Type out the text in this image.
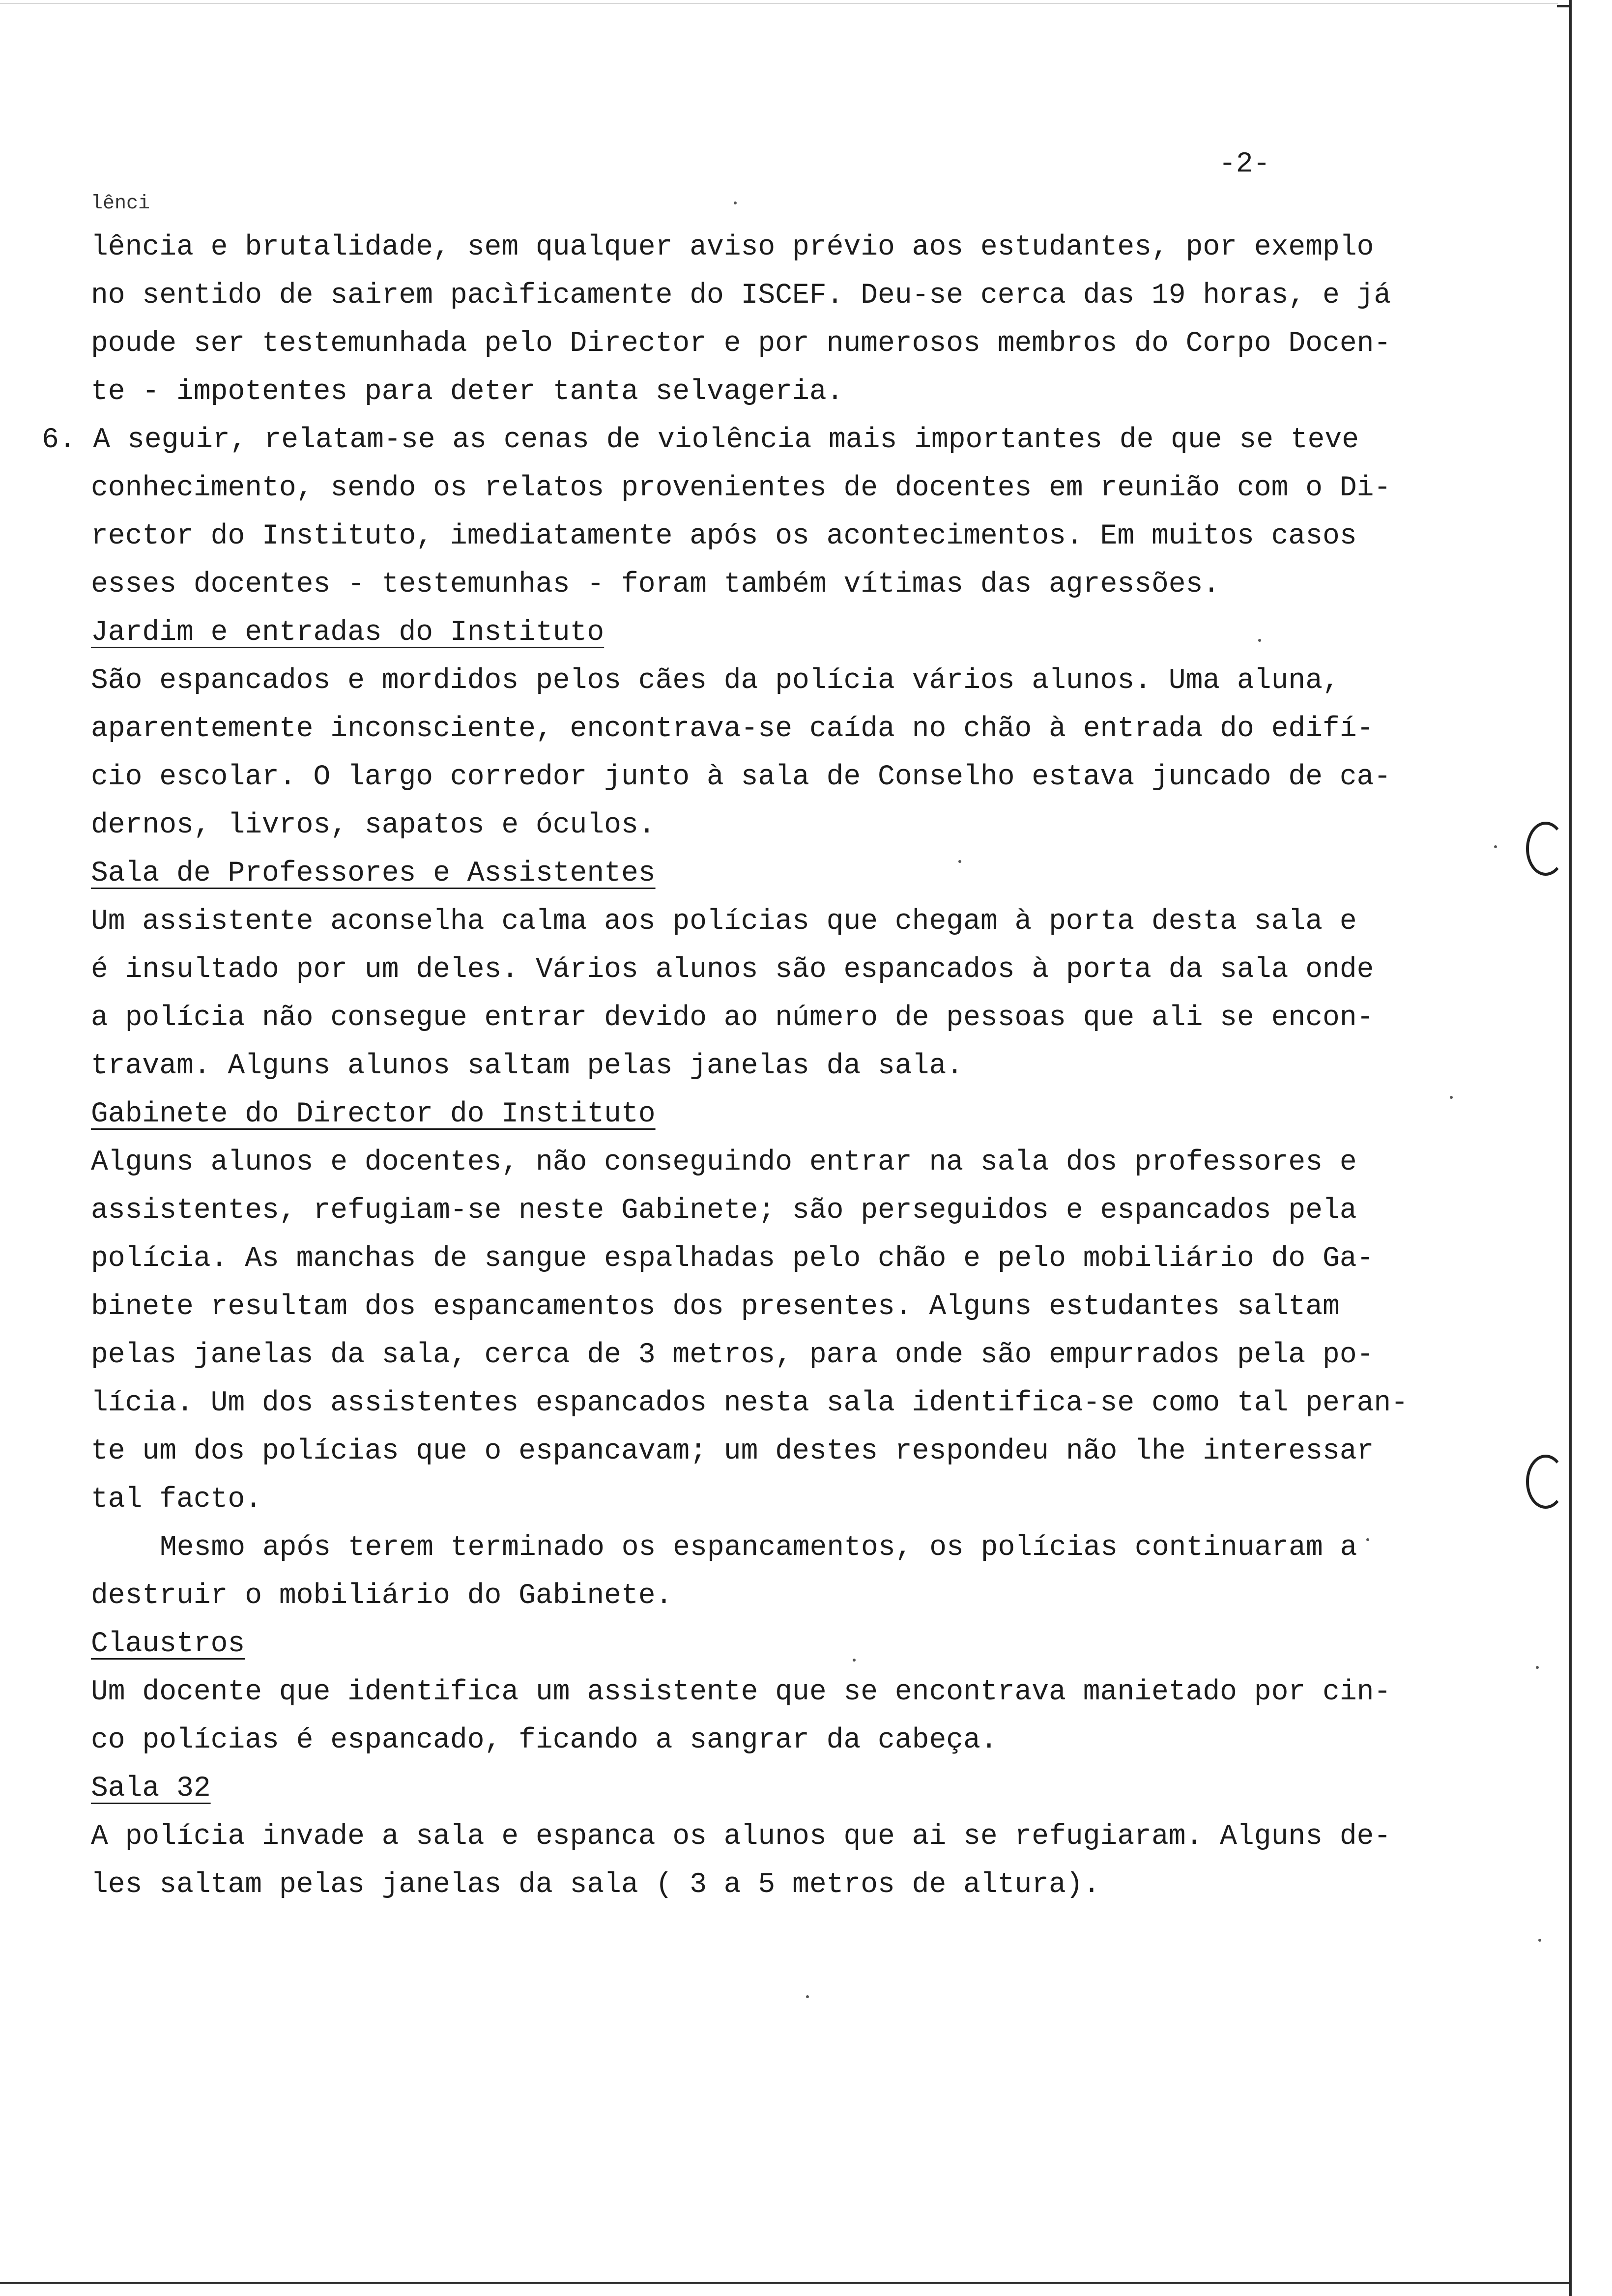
-2-
lênci
lência e brutalidade, sem qualquer aviso prévio aos estudantes, por exemplo
no sentido de sairem pacìficamente do ISCEF. Deu-se cerca das 19 horas, e já
poude ser testemunhada pelo Director e por numerosos membros do Corpo Docen-
te - impotentes para deter tanta selvageria.
6. A seguir, relatam-se as cenas de violência mais importantes de que se teve
conhecimento, sendo os relatos provenientes de docentes em reunião com o Di-
rector do Instituto, imediatamente após os acontecimentos. Em muitos casos
esses docentes - testemunhas - foram também vítimas das agressões.
Jardim e entradas do Instituto
São espancados e mordidos pelos cães da polícia vários alunos. Uma aluna,
aparentemente inconsciente, encontrava-se caída no chão à entrada do edifí-
cio escolar. O largo corredor junto à sala de Conselho estava juncado de ca-
dernos, livros, sapatos e óculos.
Sala de Professores e Assistentes
Um assistente aconselha calma aos polícias que chegam à porta desta sala e
é insultado por um deles. Vários alunos são espancados à porta da sala onde
a polícia não consegue entrar devido ao número de pessoas que ali se encon-
travam. Alguns alunos saltam pelas janelas da sala.
Gabinete do Director do Instituto
Alguns alunos e docentes, não conseguindo entrar na sala dos professores e
assistentes, refugiam-se neste Gabinete; são perseguidos e espancados pela
polícia. As manchas de sangue espalhadas pelo chão e pelo mobiliário do Ga-
binete resultam dos espancamentos dos presentes. Alguns estudantes saltam
pelas janelas da sala, cerca de 3 metros, para onde são empurrados pela po-
lícia. Um dos assistentes espancados nesta sala identifica-se como tal peran-
te um dos polícias que o espancavam; um destes respondeu não lhe interessar
tal facto.
Mesmo após terem terminado os espancamentos, os polícias continuaram a
destruir o mobiliário do Gabinete.
Claustros
Um docente que identifica um assistente que se encontrava manietado por cin-
co polícias é espancado, ficando a sangrar da cabeça.
Sala 32
A polícia invade a sala e espanca os alunos que ai se refugiaram. Alguns de-
les saltam pelas janelas da sala ( 3 a 5 metros de altura).
